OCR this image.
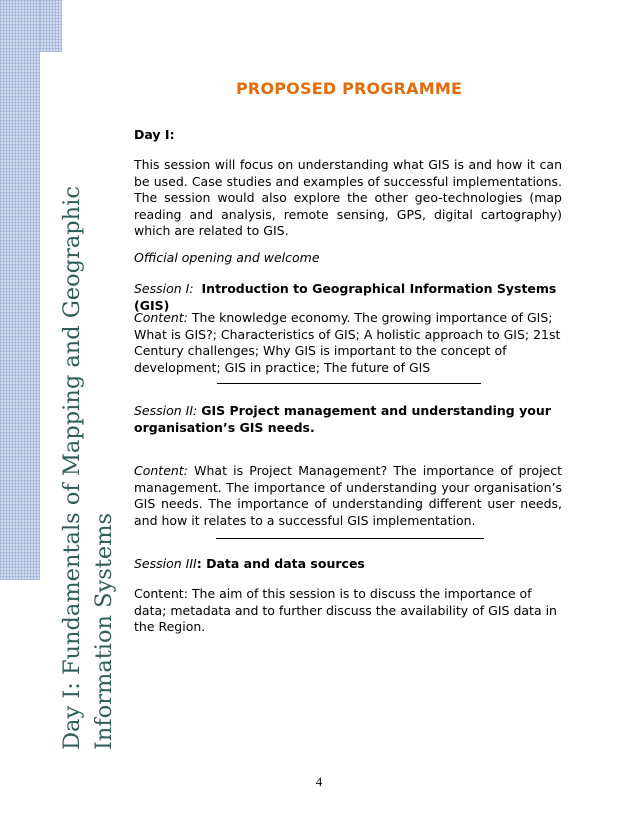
Day I: Fundamentals of Mapping and Geographic Information Systems
PROPOSED PROGRAMME
Day I:
This session will focus on understanding what GIS is and how it can be used. Case studies and examples of successful implementations. The session would also explore the other geo-technologies (map reading and analysis, remote sensing, GPS, digital cartography) which are related to GIS.
Official opening and welcome
Session I: Introduction to Geographical Information Systems (GIS)
Content: The knowledge economy. The growing importance of GIS; What is GIS?; Characteristics of GIS; A holistic approach to GIS; 21st Century challenges; Why GIS is important to the concept of development; GIS in practice; The future of GIS
Session II: GIS Project management and understanding your organisation’s GIS needs.
Content: What is Project Management? The importance of project management. The importance of understanding your organisation’s GIS needs. The importance of understanding different user needs, and how it relates to a successful GIS implementation.
Session III: Data and data sources
Content: The aim of this session is to discuss the importance of data; metadata and to further discuss the availability of GIS data in the Region.
4
